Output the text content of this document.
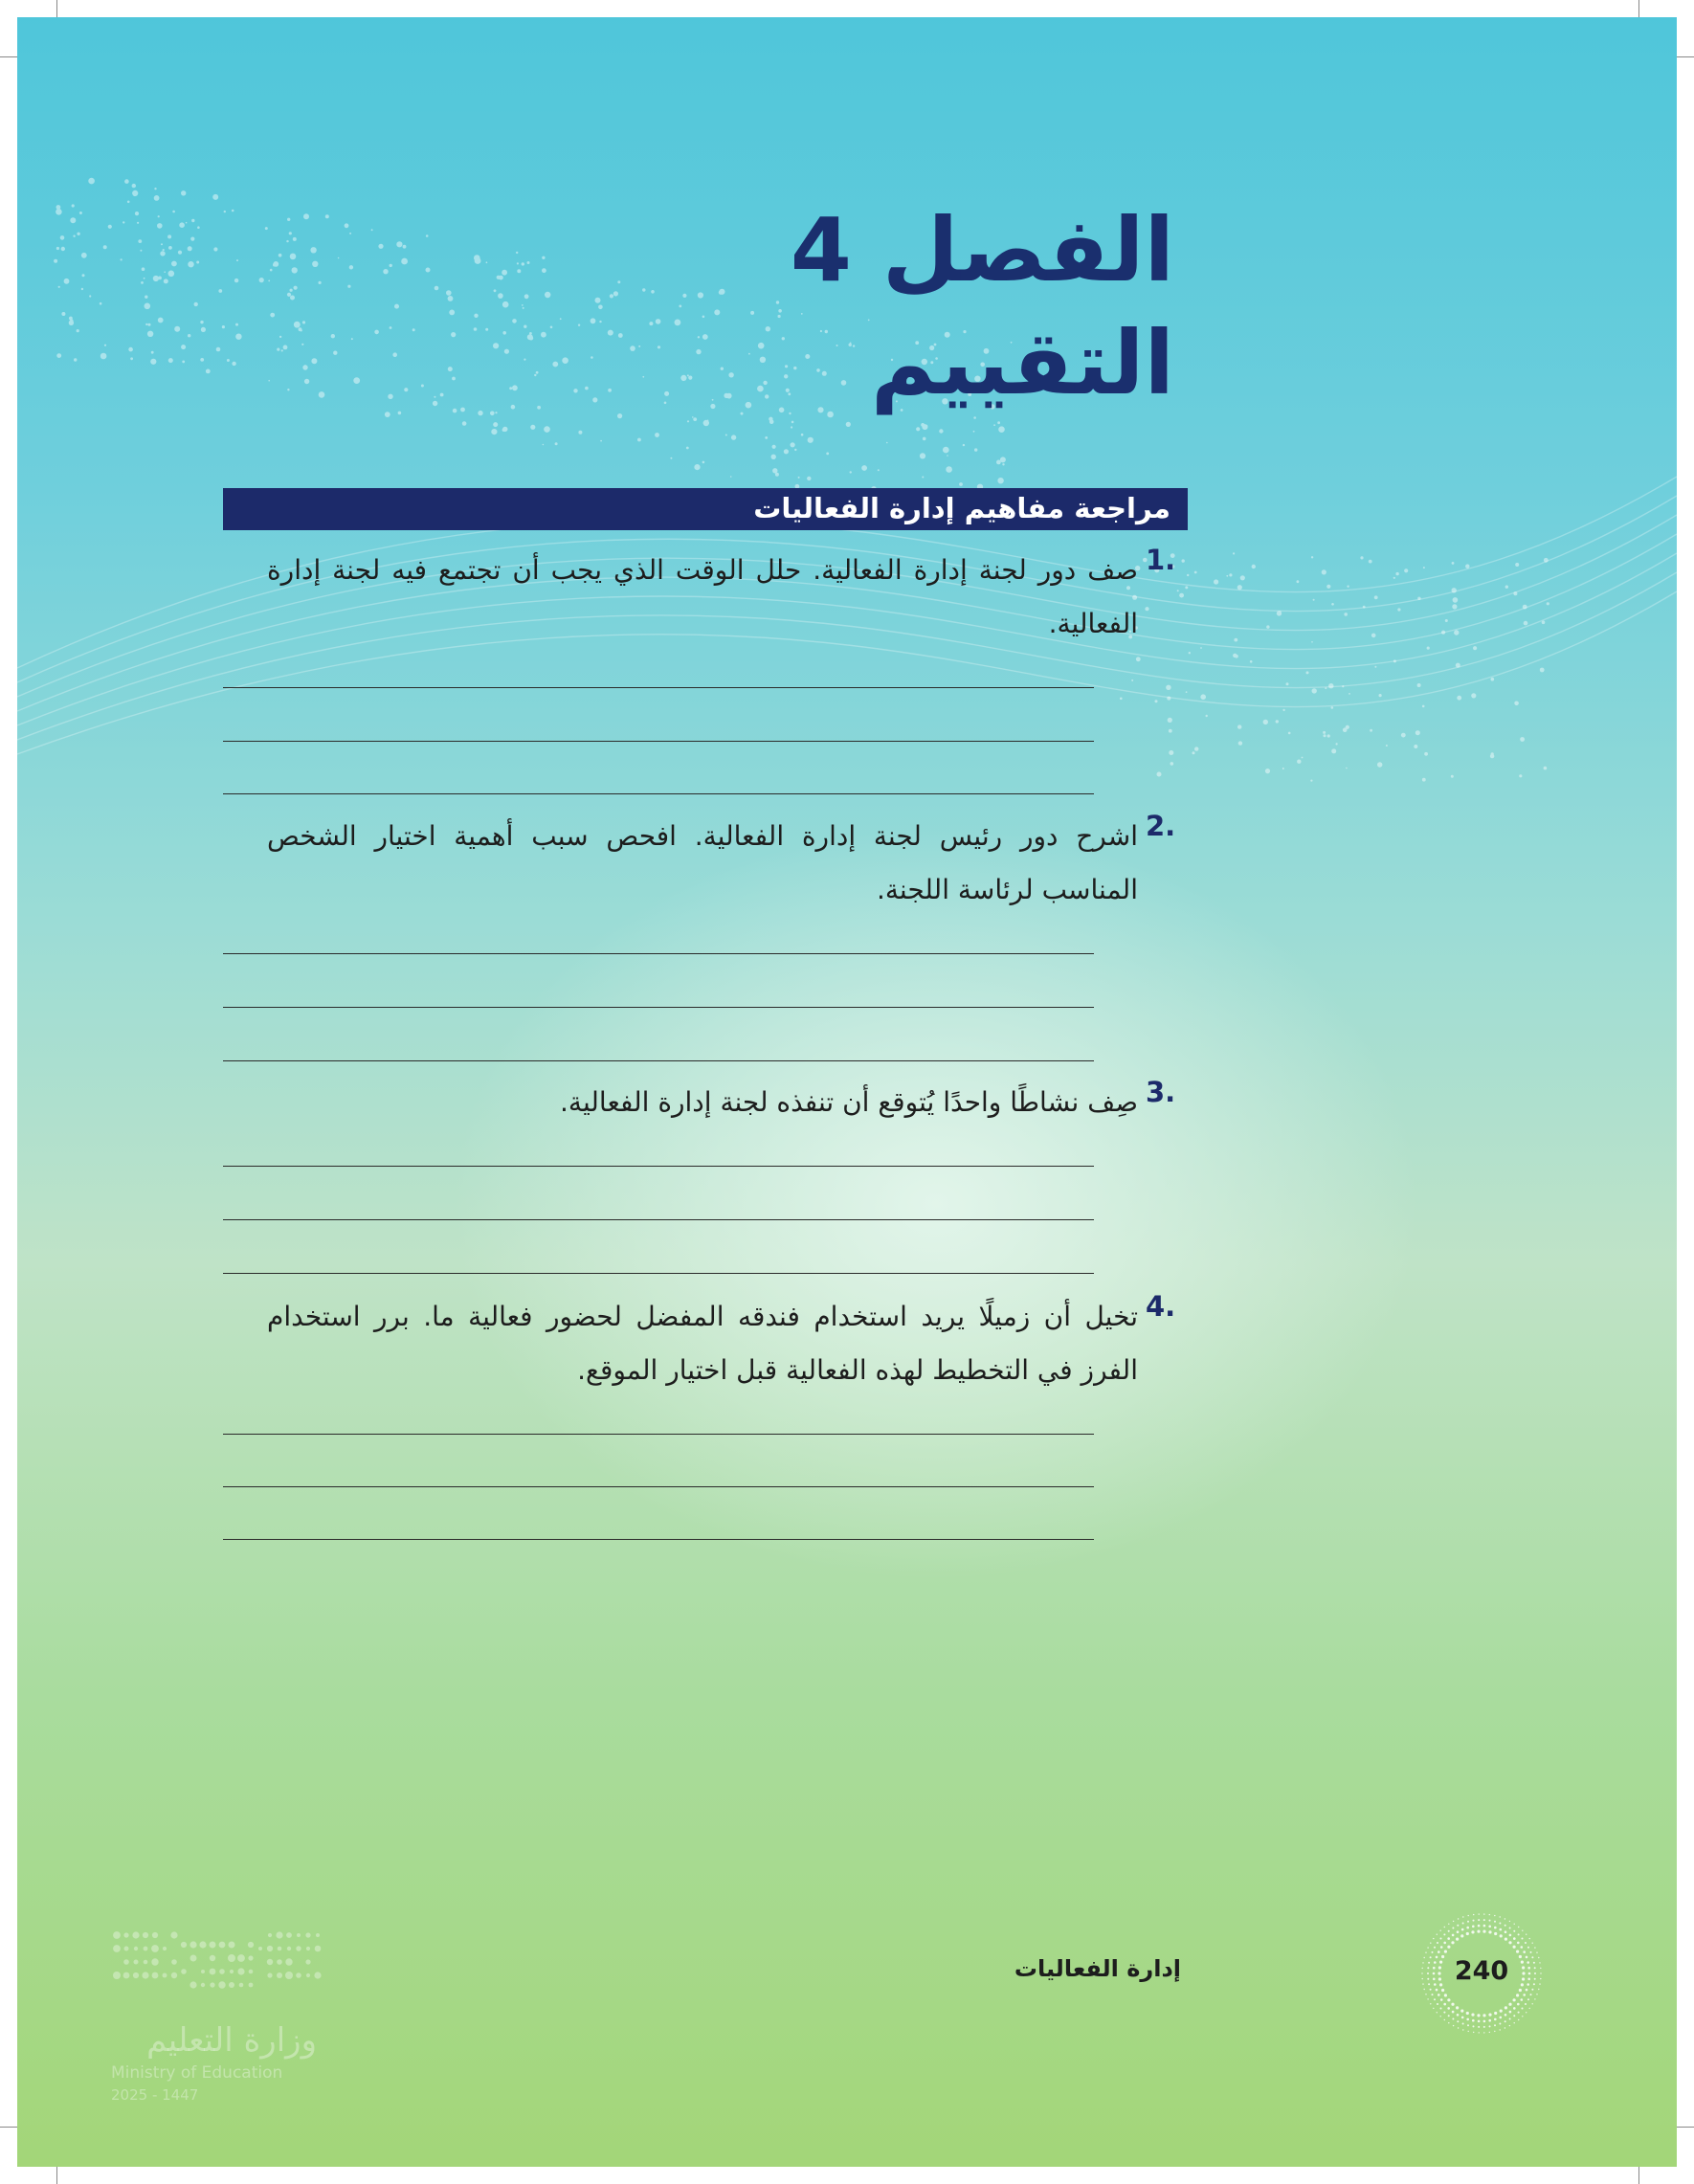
الفصل 4
التقييم
مراجعة مفاهيم إدارة الفعاليات
1.
صف دور لجنة إدارة الفعالية. حلل الوقت الذي يجب أن تجتمع فيه لجنة إدارة الفعالية.
2.
اشرح دور رئيس لجنة إدارة الفعالية. افحص سبب أهمية اختيار الشخص المناسب لرئاسة اللجنة.
3.
صِف نشاطًا واحدًا يُتوقع أن تنفذه لجنة إدارة الفعالية.
4.
تخيل أن زميلًا يريد استخدام فندقه المفضل لحضور فعالية ما. برر استخدام الفرز في التخطيط لهذه الفعالية قبل اختيار الموقع.
إدارة الفعاليات	240
وزارة التعليم
Ministry of Education
2025 - 1447
